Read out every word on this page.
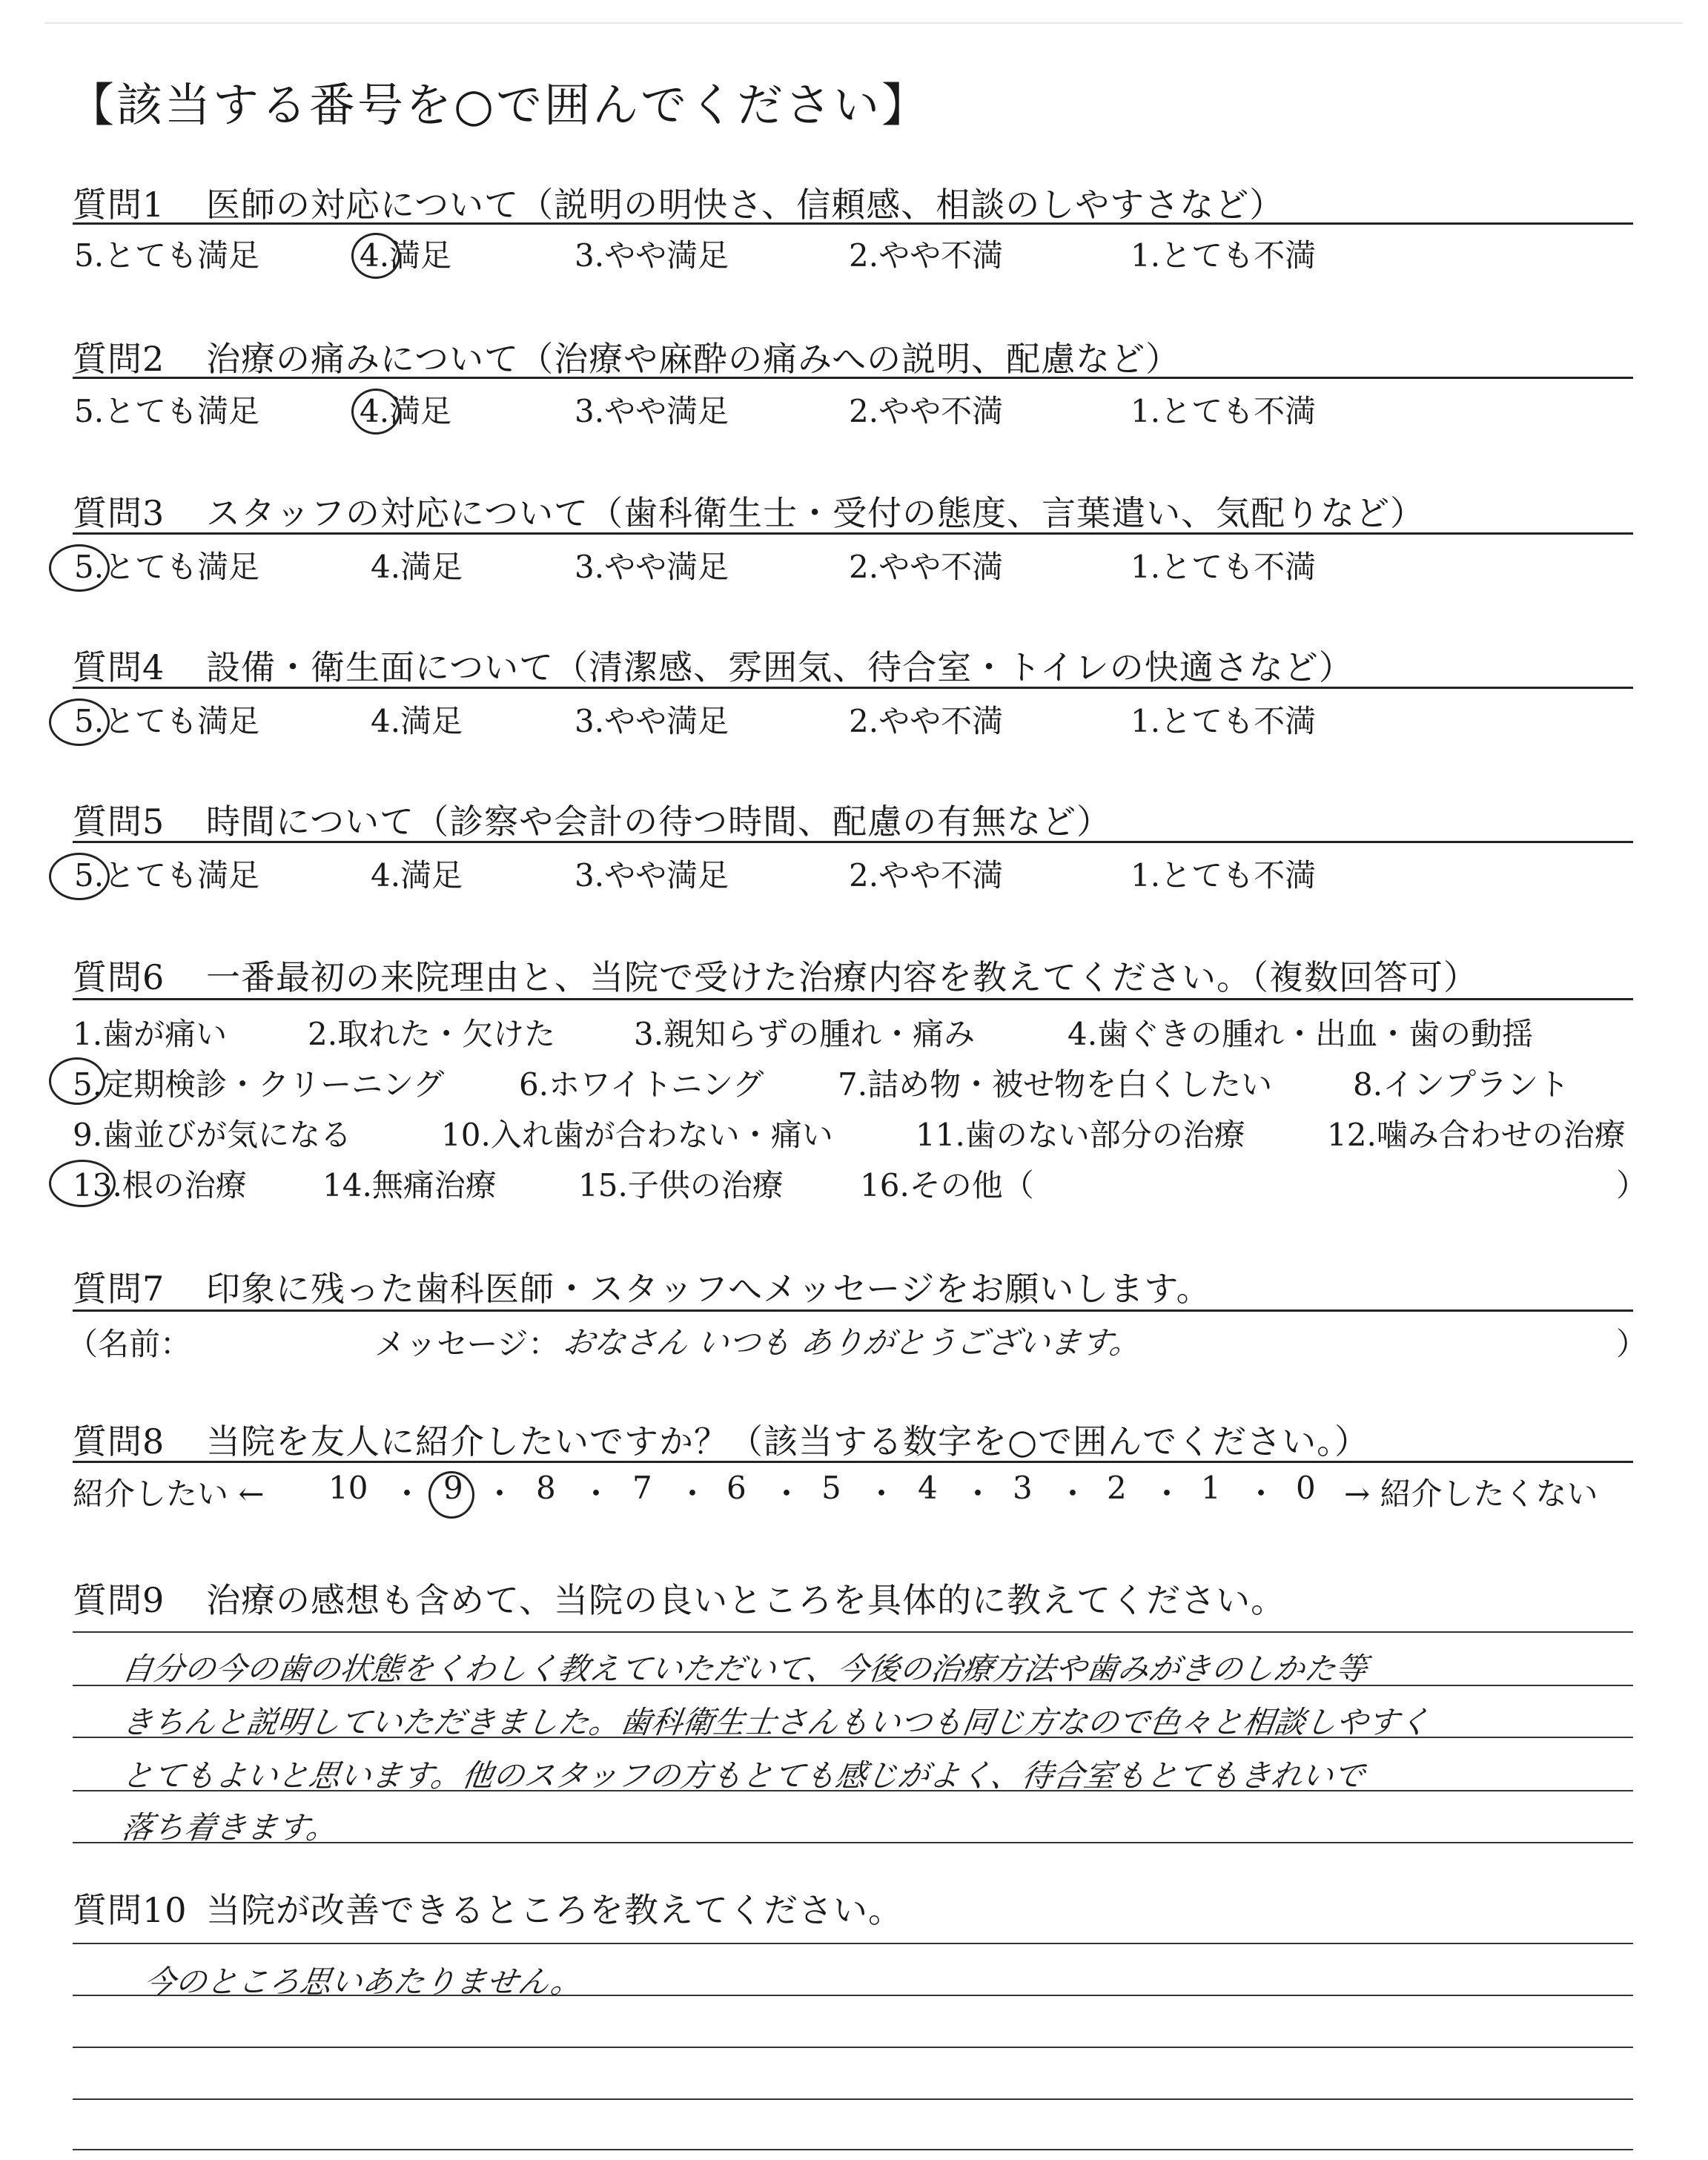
【該当する番号を○で囲んでください】
質問1 医師の対応について（説明の明快さ、信頼感、相談のしやすさなど）
5.とても満足	4.満足	3.やや満足	2.やや不満	1.とても不満
質問2 治療の痛みについて（治療や麻酔の痛みへの説明、配慮など）
5.とても満足	4.満足	3.やや満足	2.やや不満	1.とても不満
質問3 スタッフの対応について（歯科衛生士・受付の態度、言葉遣い、気配りなど）
5.とても満足	4.満足	3.やや満足	2.やや不満	1.とても不満
質問4 設備・衛生面について（清潔感、雰囲気、待合室・トイレの快適さなど）
5.とても満足	4.満足	3.やや満足	2.やや不満	1.とても不満
質問5 時間について（診察や会計の待つ時間、配慮の有無など）
5.とても満足	4.満足	3.やや満足	2.やや不満	1.とても不満
質問6 一番最初の来院理由と、当院で受けた治療内容を教えてください。（複数回答可）
1.歯が痛い	2.取れた・欠けた	3.親知らずの腫れ・痛み	4.歯ぐきの腫れ・出血・歯の動揺
5.定期検診・クリーニング 6.ホワイトニング 7.詰め物・被せ物を白くしたい	8.インプラント
9.歯並びが気になる	10.入れ歯が合わない・痛い	11.歯のない部分の治療	12.噛み合わせの治療
13.根の治療 14.無痛治療	15.子供の治療 16.その他（	）
質問7 印象に残った歯科医師・スタッフへメッセージをお願いします。
（名前：	メッセージ： おなさん いつも ありがとうございます。	）
質問8 当院を友人に紹介したいですか？（該当する数字を○で囲んでください。）
紹介したい ← 10 ・ 9 ・ 8 ・ 7 ・ 6 ・ 5 ・ 4 ・ 3 ・ 2 ・ 1 ・ 0 → 紹介したくない
質問9 治療の感想も含めて、当院の良いところを具体的に教えてください。
自分の今の歯の状態をくわしく教えていただいて、今後の治療方法や歯みがきのしかた等
きちんと説明していただきました。歯科衛生士さんもいつも同じ方なので色々と相談しやすく
とてもよいと思います。他のスタッフの方もとても感じがよく、待合室もとてもきれいで
落ち着きます。
質問10 当院が改善できるところを教えてください。
今のところ思いあたりません。
